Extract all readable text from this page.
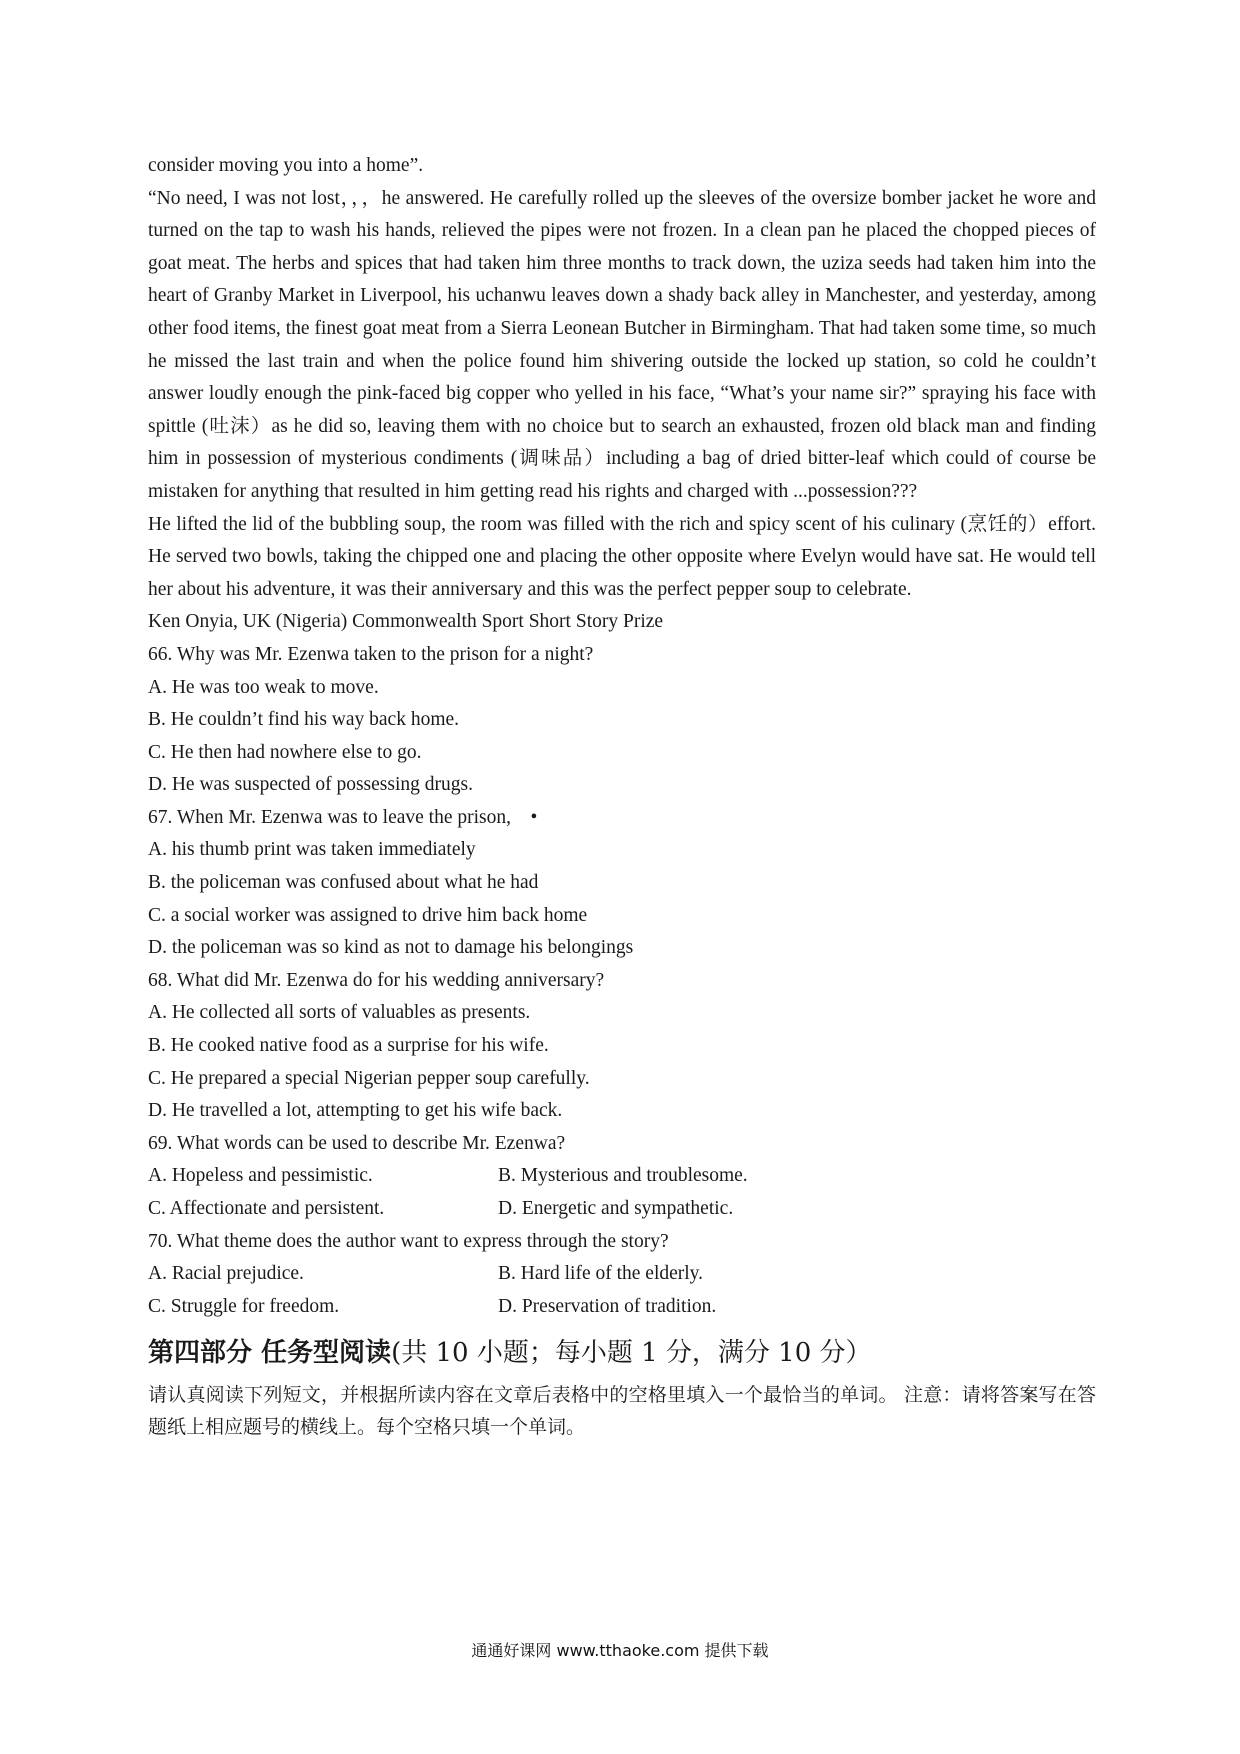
consider moving you into a home”.

“No need, I was not lost，，，he answered. He carefully rolled up the sleeves of the oversize bomber jacket he wore and turned on the tap to wash his hands, relieved the pipes were not frozen. In a clean pan he placed the chopped pieces of goat meat. The herbs and spices that had taken him three months to track down, the uziza seeds had taken him into the heart of Granby Market in Liverpool, his uchanwu leaves down a shady back alley in Manchester, and yesterday, among other food items, the finest goat meat from a Sierra Leonean Butcher in Birmingham. That had taken some time, so much he missed the last train and when the police found him shivering outside the locked up station, so cold he couldn’t answer loudly enough the pink-faced big copper who yelled in his face, “What’s your name sir?” spraying his face with spittle (吐沫）as he did so, leaving them with no choice but to search an exhausted, frozen old black man and finding him in possession of mysterious condiments (调味品）including a bag of dried bitter-leaf which could of course be mistaken for anything that resulted in him getting read his rights and charged with ...possession???

He lifted the lid of the bubbling soup, the room was filled with the rich and spicy scent of his culinary (烹饪的）effort. He served two bowls, taking the chipped one and placing the other opposite where Evelyn would have sat. He would tell her about his adventure, it was their anniversary and this was the perfect pepper soup to celebrate.

Ken Onyia, UK (Nigeria) Commonwealth Sport Short Story Prize
66. Why was Mr. Ezenwa taken to the prison for a night?
A. He was too weak to move.
B. He couldn’t find his way back home.
C. He then had nowhere else to go.
D. He was suspected of possessing drugs.
67. When Mr. Ezenwa was to leave the prison,　•
A. his thumb print was taken immediately
B. the policeman was confused about what he had
C. a social worker was assigned to drive him back home
D. the policeman was so kind as not to damage his belongings
68. What did Mr. Ezenwa do for his wedding anniversary?
A. He collected all sorts of valuables as presents.
B. He cooked native food as a surprise for his wife.
C. He prepared a special Nigerian pepper soup carefully.
D. He travelled a lot, attempting to get his wife back.
69. What words can be used to describe Mr. Ezenwa?
A. Hopeless and pessimistic.	B. Mysterious and troublesome.
C. Affectionate and persistent.	D. Energetic and sympathetic.
70. What theme does the author want to express through the story?
A. Racial prejudice.	B. Hard life of the elderly.
C. Struggle for freedom.	D. Preservation of tradition.
第四部分 任务型阅读(共 10 小题；每小题 1 分，满分 10 分）

请认真阅读下列短文，并根据所读内容在文章后表格中的空格里填入一个最恰当的单词。 注意：请将答案写在答题纸上相应题号的横线上。每个空格只填一个单词。

通通好课网 www.tthaoke.com 提供下载
